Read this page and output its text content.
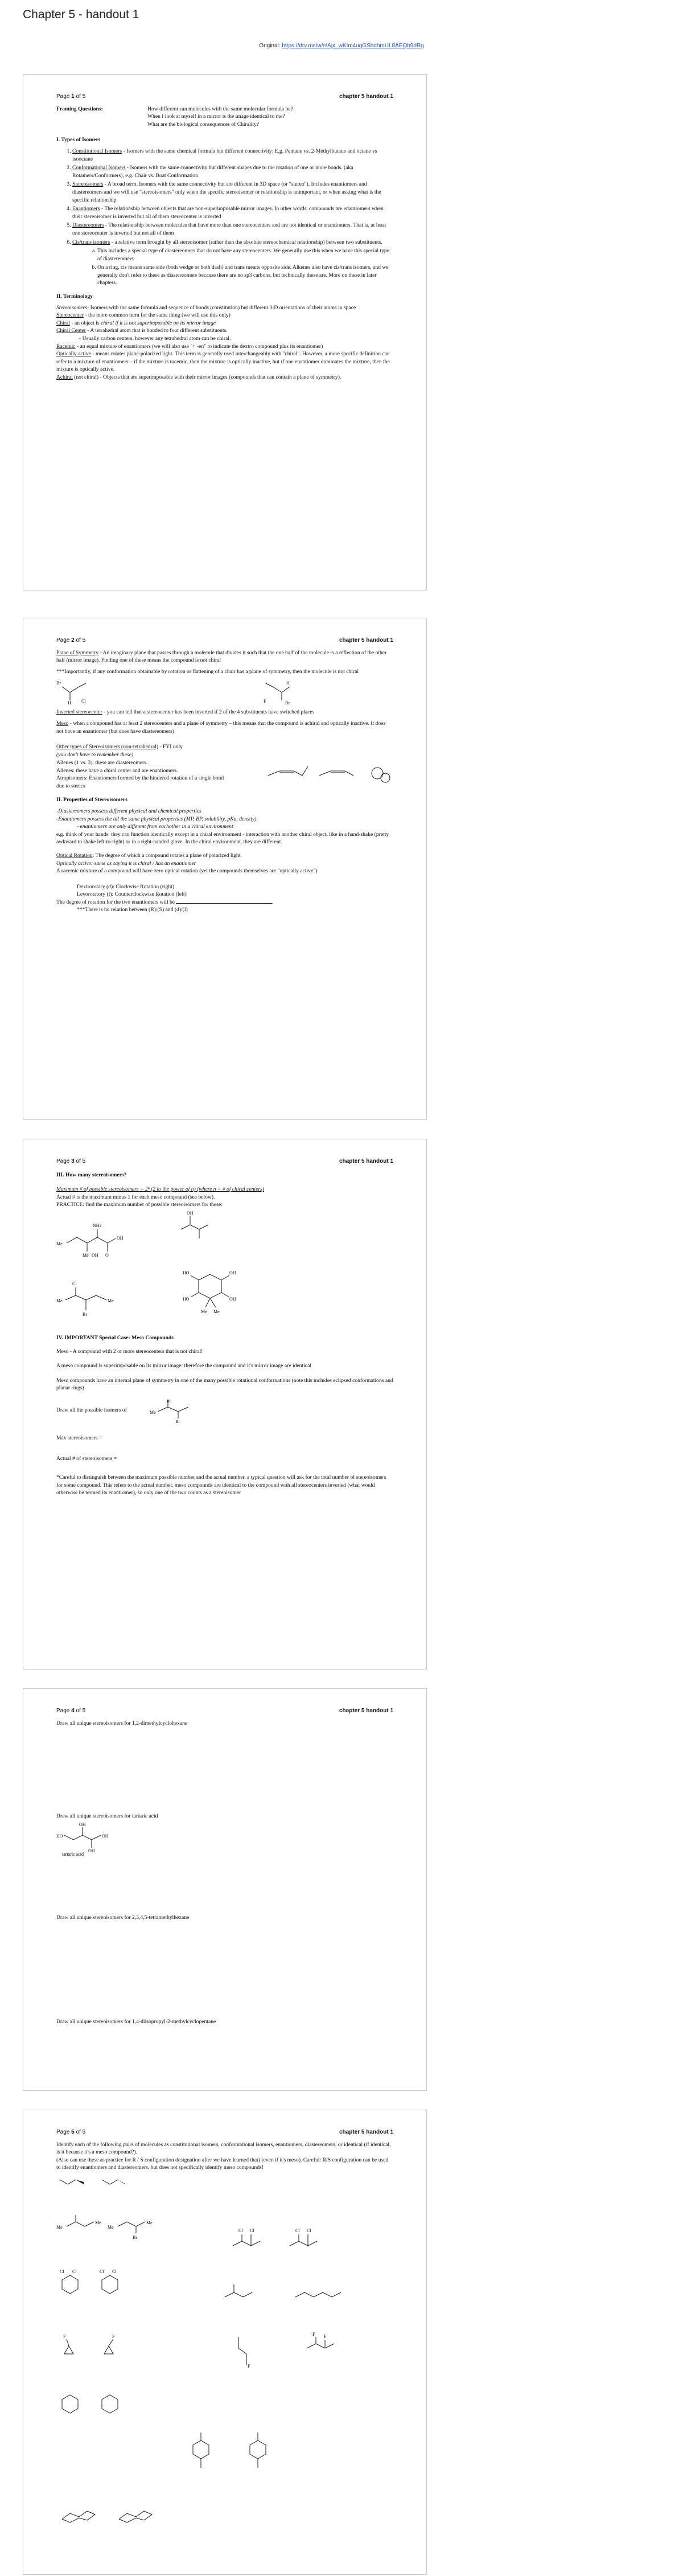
Chapter 5 - handout 1
Original: https://drv.ms/w/s!Ajx_wKIm4uqGShdhmUL8AEQb9dRg
Page 1 of 5	chapter 5 handout 1
Framing Questions:	How different can molecules with the same molecular formula be?
When I look at myself in a mirror is the image identical to me?
What are the biological consequences of Chirality?
I. Types of Isomers
1. Constitutional Isomers - Isomers with the same chemical formula but different connectivity: E.g. Pentane vs. 2-Methylbutane and octane vs isooctane
2. Conformational Isomers - Isomers with the same connectivity but different shapes due to the rotation of one or more bonds. (aka Rotamers/Conformers), e.g. Chair vs. Boat Conformation
3. Stereoisomers - A broad term. Isomers with the same connectivity but are different in 3D space (or "stereo"). Includes enantiomers and diastereomers and we will use "stereoisomers" only when the specific stereoisomer or relationship is unimportant, or when asking what is the specific relationship
4. Enantiomers - The relationship between objects that are non-superimposable mirror images. In other words, compounds are enantiomers when their stereoisomer is inverted but all of them stereocenter is inverted
5. Diastereomers - The relationship between molecules that have more than one stereocenters and are not identical or enantiomers. That is, at least one stereocenter is inverted but not all of them
6. Cis/trans isomers - a relative term brought by all stereoisomer (rather than the absolute stereochemical relationship) between two substituents.
a. This includes a special type of diastereomers that do not have any stereocenters. We generally use this when we have this special type of diastereomers
b. On a ring, cis means same side (both wedge or both dash) and trans means opposite side. Alkenes also have cis/trans isomers, and we generally don't refer to these as diastereomers because there are no sp3 carbons, but technically these are. More on these in later chapters.
II. Terminology
Stereoisomers- Isomers with the same formula and sequence of bonds (constitution) but different 3-D orientations of their atoms in space
Stereocenter - the more common term for the same thing (we will use this only)
Chiral - an object is chiral if it is not superimposable on its mirror image
Chiral Center - A tetrahedral atom that is bonded to four different substituents.
- Usually carbon centers, however any tetrahedral atom can be chiral.
Racemic - an equal mixture of enantiomers (we will also use "+ -en" to indicate the dextro compound plus its enantiomer)
Optically active - means rotates plane-polarized light. This term is generally used interchangeably with "chiral". However, a more specific definition can refer to a mixture of enantiomers – if the mixture is racemic, then the mixture is optically inactive, but if one enantiomer dominates the mixture, then the mixture is optically active.
Achiral (not chiral) - Objects that are superimposable with their mirror images (compounds that can contain a plane of symmetry).
Page 2 of 5	chapter 5 handout 1

Plane of Symmetry - An imaginary plane that passes through a molecule that divides it such that the one half of the molecule is a reflection of the other half (mirror image). Finding one of these means the compound is not chiral

***Importantly, if any conformation obtainable by rotation or flattening of a chair has a plane of symmetry, then the molecule is not chiral

Br
H Cl
H
F	Br

Inverted stereocenter - you can tell that a stereocenter has been inverted if 2 of the 4 substituents have switched places

Meso - when a compound has at least 2 stereocenters and a plane of symmetry – this means that the compound is achiral and optically inactive. It does not have an enantiomer (but does have diastereomers)

Other types of Stereoisomers (non-tetrahedral) - FYI only
(you don't have to remember these)
Allenes (1 vs. 3): these are diastereomers.
Allenes: these have a chiral center and are enantiomers.
Atropisomers: Enantiomers formed by the hindered rotation of a single bond due to sterics
II. Properties of Stereoisomers
-Diastereomers possess different physical and chemical properties
-Enantiomers possess the all the same physical properties (MP, BP, solubility, pKa, density).
- enantiomers are only different from eachother in a chiral environment
e.g. think of your hands: they can function identically except in a chiral environment - interaction with another chiral object, like in a hand-shake (pretty awkward to shake left-to-right) or in a right-handed glove. In the chiral environment, they are different.
Optical Rotation: The degree of which a compound rotates a plane of polarized light.
Optically active: same as saying it is chiral / has an enantiomer
A racemic mixture of a compound will have zero optical rotation (yet the compounds themselves are "optically active")
Dextrorotary (d): Clockwise Rotation (right)
Levorotatory (l): Counterclockwise Rotation (left)
The degree of rotation for the two enantiomers will be
***There is no relation between (R)/(S) and (d)/(l)
Page 3 of 5	chapter 5 handout 1
III. How many stereoisomers?
Maximum # of possible stereoisomers = 2ⁿ (2 to the power of n) (where n = # of chiral centers)
Actual # is the maximum minus 1 for each meso compound (see below).
PRACTICE: find the maximum number of possible stereoisomers for these:
Me
NH2
Me OH
OH
O
OH
Me
Cl
Me
Br
HO	OH
OH
HO
Me Me
IV. IMPORTANT Special Case: Meso Compounds

Meso - A compound with 2 or more stereocenters that is not chiral!

A meso compound is superimposable on its mirror image: therefore the compound and it's mirror image are identical

Meso compounds have an internal plane of symmetry in one of the many possible rotational conformations (note this includes eclipsed conformations and planar rings)

Draw all the possible isomers of	Me
Br
Br
Max stereoisomers =
Actual # of stereoisomers =
*Careful to distinguish between the maximum possible number and the actual number. a typical question will ask for the total number of stereoisomers for some compound. This refers to the actual number. meso compounds are identical to the compound with all stereocenters inverted (what would otherwise be termed its enantiomer), so only one of the two counts as a stereoisomer
Page 4 of 5	chapter 5 handout 1
Draw all unique stereoisomers for 1,2-dimethylcyclohexane
Draw all unique stereoisomers for tartaric acid
HO
OH
OH
OH
tartaric acid
Draw all unique stereoisomers for 2,3,4,5-tetramethylhexane
Draw all unique stereoisomers for 1,4-diisopropyl-2-methylcyclopentane
Page 5 of 5	chapter 5 handout 1
Identify each of the following pairs of molecules as constitutional isomers, conformational isomers, enantiomers, diastereomers, or identical (if identical, is it because it's a meso compound?).
(Also can use these as practice for R / S configuration designation after we have learned that) (even if it's meso). Careful: R/S configuration can be used to identify enantiomers and diastereomers, but does not specifically identify meso compounds!
Me
Me
Me
Me
Br
Cl Cl	Cl Cl
Cl Cl	Cl Cl
F	F
F
F F
